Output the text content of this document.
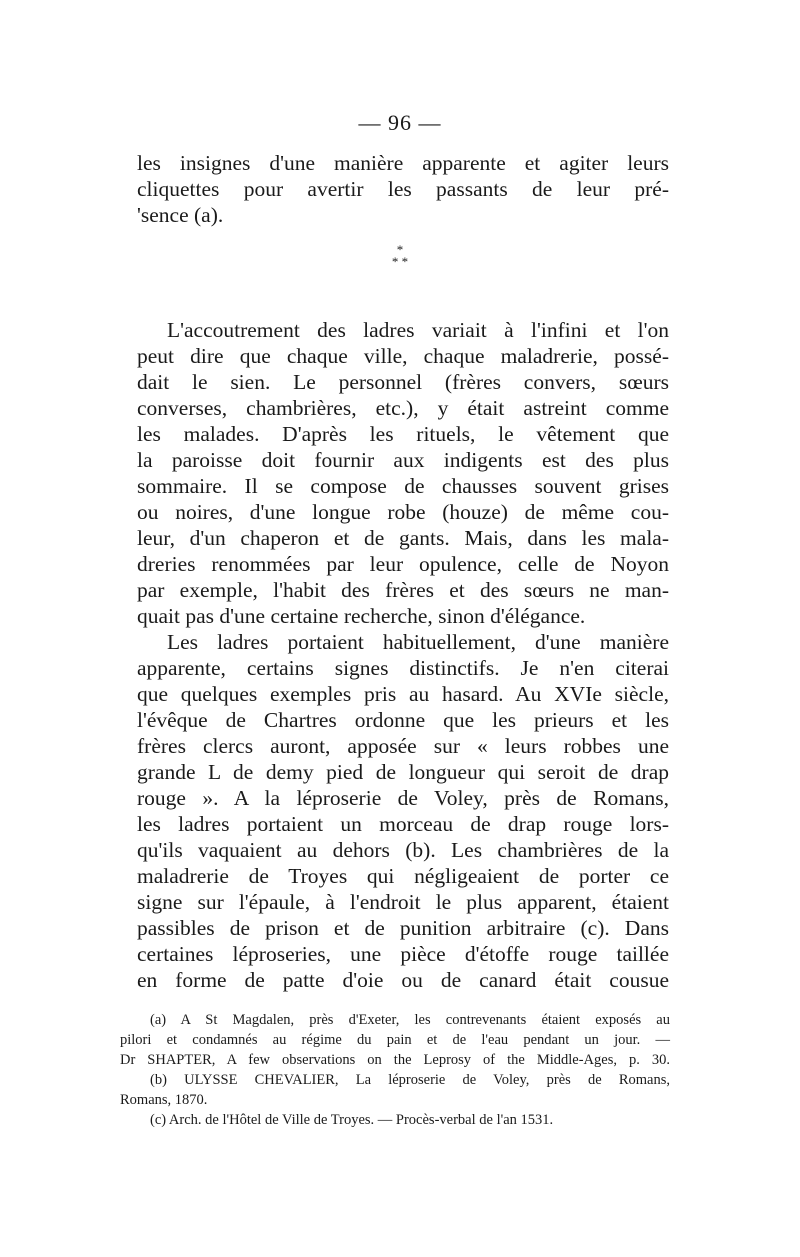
— 96 —
les insignes d'une manière apparente et agiter leurs
cliquettes pour avertir les passants de leur pré-
'sence (a).
*
* *
L'accoutrement des ladres variait à l'infini et l'on
peut dire que chaque ville, chaque maladrerie, possé-
dait le sien. Le personnel (frères convers, sœurs
converses, chambrières, etc.), y était astreint comme
les malades. D'après les rituels, le vêtement que
la paroisse doit fournir aux indigents est des plus
sommaire. Il se compose de chausses souvent grises
ou noires, d'une longue robe (houze) de même cou-
leur, d'un chaperon et de gants. Mais, dans les mala-
dreries renommées par leur opulence, celle de Noyon
par exemple, l'habit des frères et des sœurs ne man-
quait pas d'une certaine recherche, sinon d'élégance.
Les ladres portaient habituellement, d'une manière
apparente, certains signes distinctifs. Je n'en citerai
que quelques exemples pris au hasard. Au XVIe siècle,
l'évêque de Chartres ordonne que les prieurs et les
frères clercs auront, apposée sur « leurs robbes une
grande L de demy pied de longueur qui seroit de drap
rouge ». A la léproserie de Voley, près de Romans,
les ladres portaient un morceau de drap rouge lors-
qu'ils vaquaient au dehors (b). Les chambrières de la
maladrerie de Troyes qui négligeaient de porter ce
signe sur l'épaule, à l'endroit le plus apparent, étaient
passibles de prison et de punition arbitraire (c). Dans
certaines léproseries, une pièce d'étoffe rouge taillée
en forme de patte d'oie ou de canard était cousue
(a) A St Magdalen, près d'Exeter, les contrevenants étaient exposés au
pilori et condamnés au régime du pain et de l'eau pendant un jour. —
Dr SHAPTER, A few observations on the Leprosy of the Middle-Ages, p. 30.
(b) ULYSSE CHEVALIER, La léproserie de Voley, près de Romans,
Romans, 1870.
(c) Arch. de l'Hôtel de Ville de Troyes. — Procès-verbal de l'an 1531.
